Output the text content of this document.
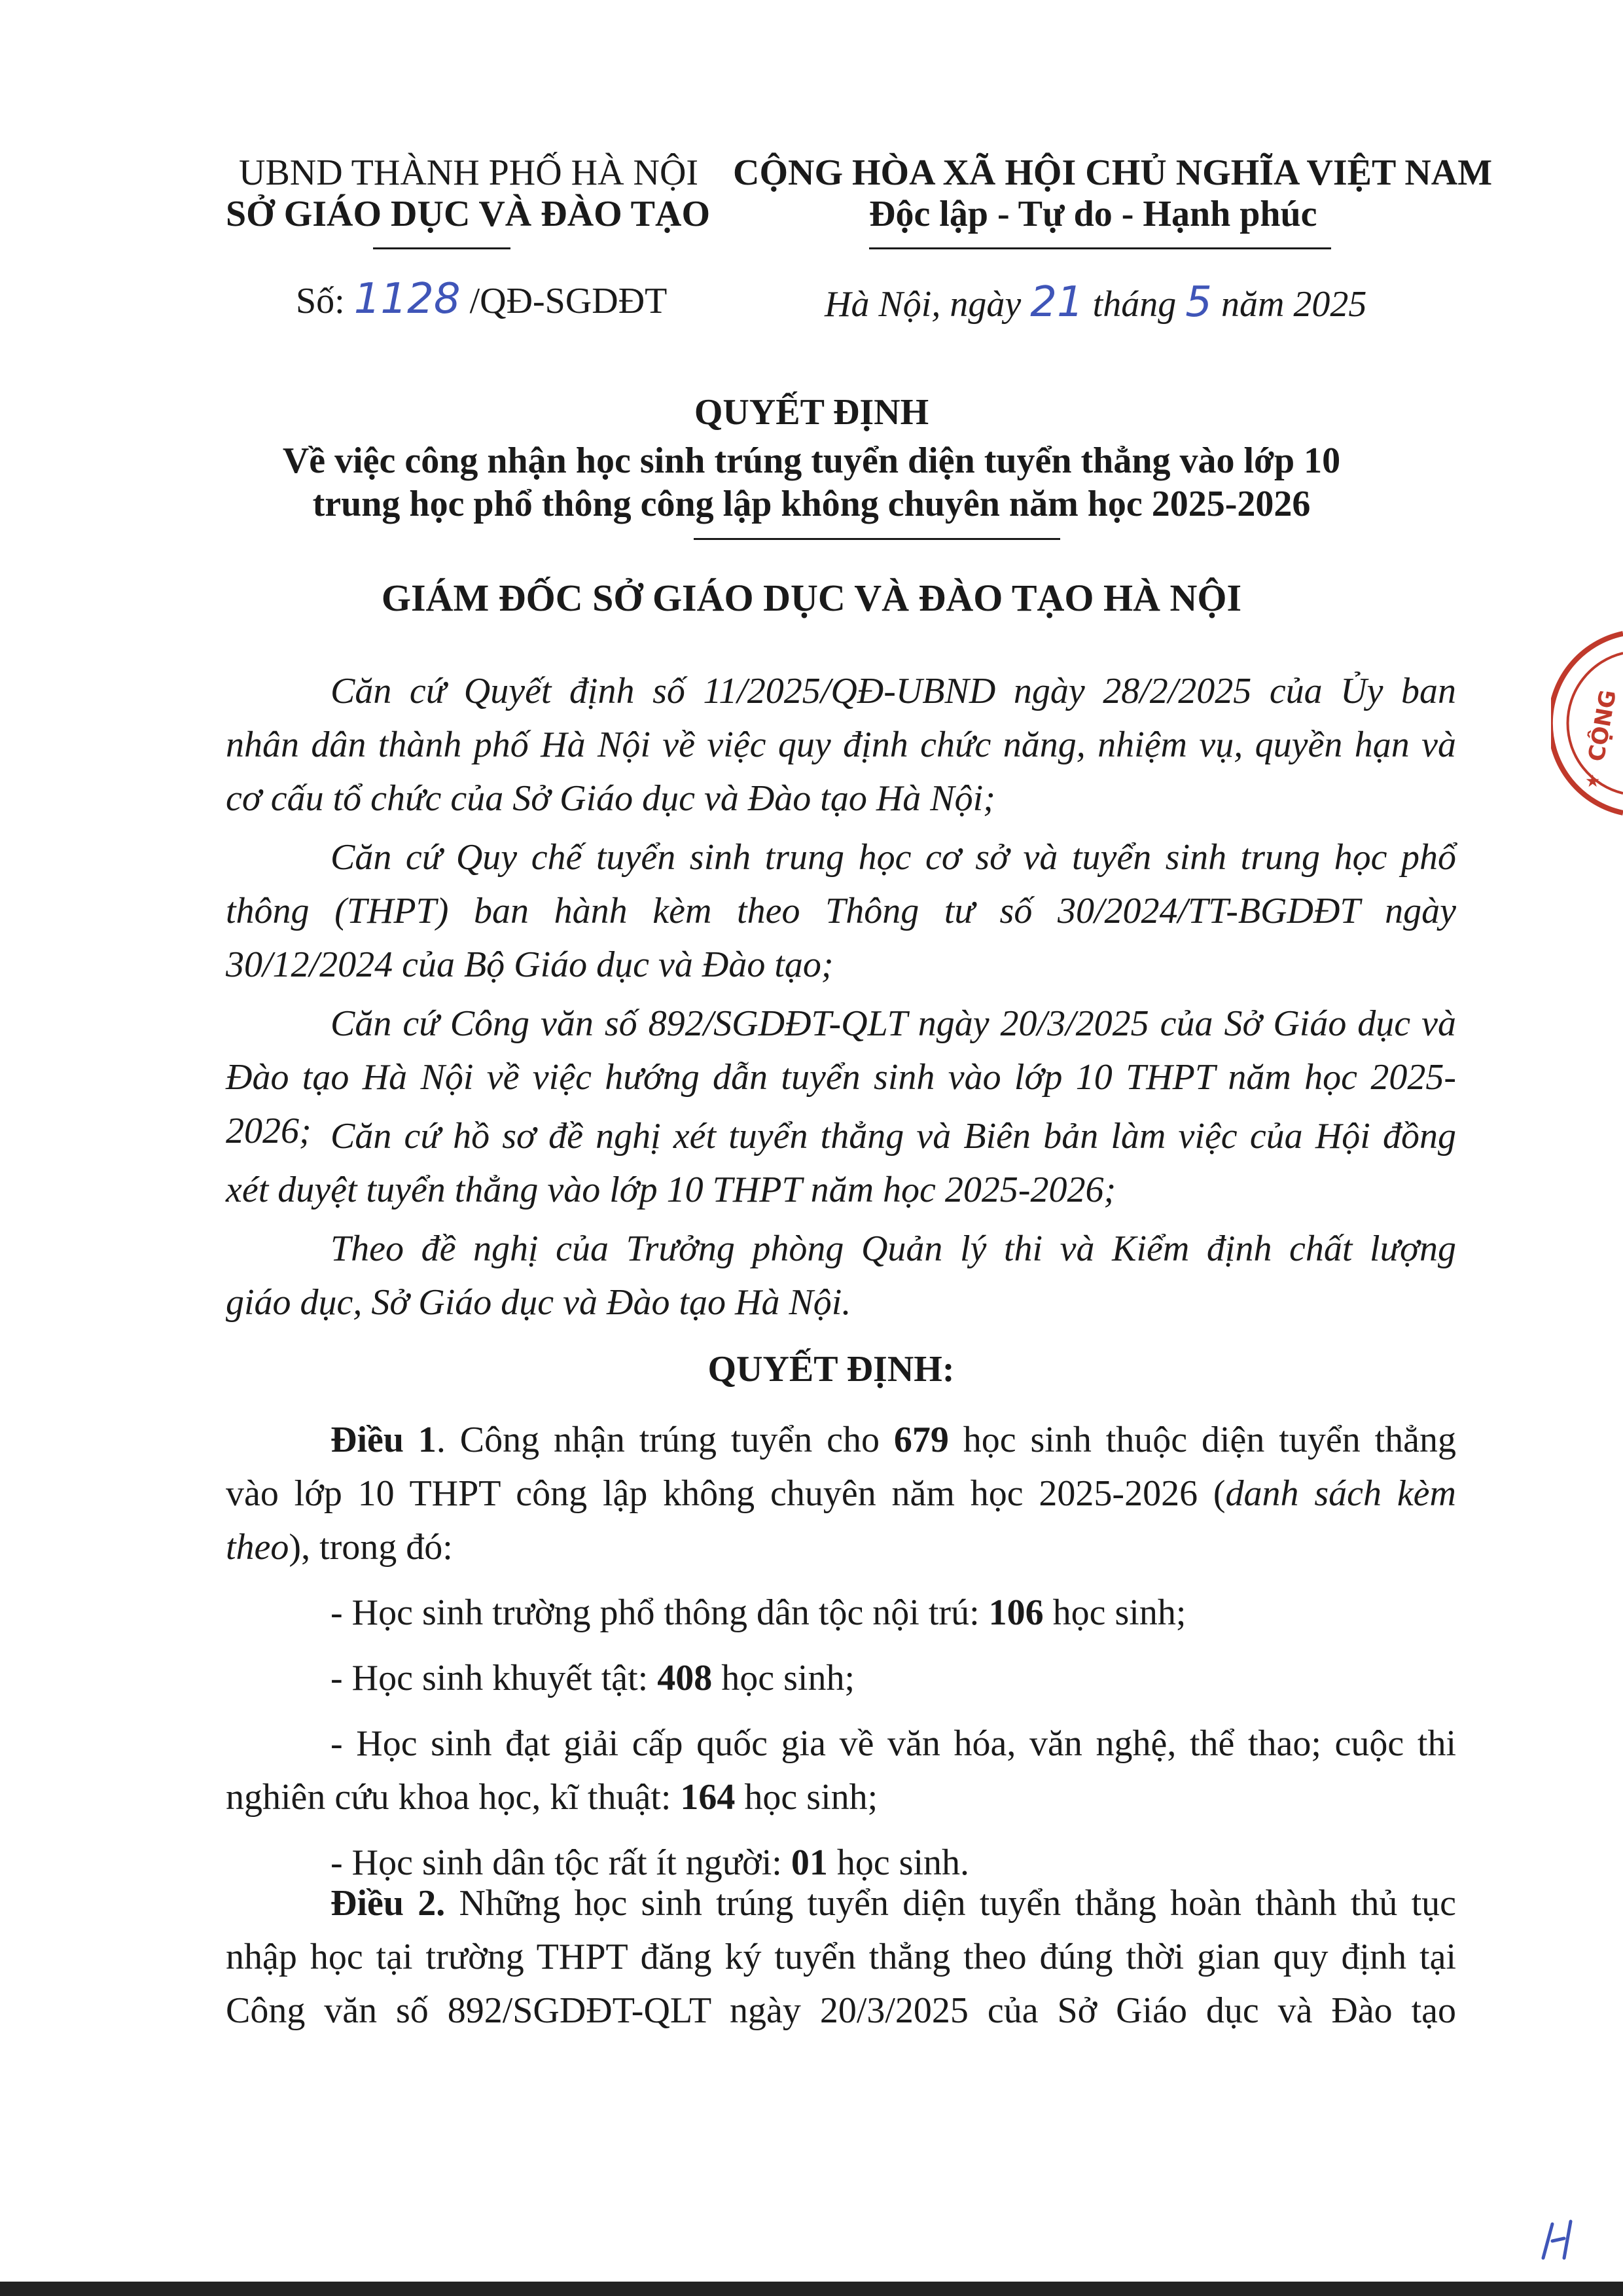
UBND THÀNH PHỐ HÀ NỘI
SỞ GIÁO DỤC VÀ ĐÀO TẠO
CỘNG HÒA XÃ HỘI CHỦ NGHĨA VIỆT NAM
Độc lập - Tự do - Hạnh phúc
Số: 1128 /QĐ-SGDĐT	Hà Nội, ngày 21 tháng 5 năm 2025
QUYẾT ĐỊNH
Về việc công nhận học sinh trúng tuyển diện tuyển thẳng vào lớp 10
trung học phổ thông công lập không chuyên năm học 2025-2026
GIÁM ĐỐC SỞ GIÁO DỤC VÀ ĐÀO TẠO HÀ NỘI
Căn cứ Quyết định số 11/2025/QĐ-UBND ngày 28/2/2025 của Ủy ban
nhân dân thành phố Hà Nội về việc quy định chức năng, nhiệm vụ, quyền hạn và
cơ cấu tổ chức của Sở Giáo dục và Đào tạo Hà Nội;
Căn cứ Quy chế tuyển sinh trung học cơ sở và tuyển sinh trung học phổ
thông (THPT) ban hành kèm theo Thông tư số 30/2024/TT-BGDĐT ngày
30/12/2024 của Bộ Giáo dục và Đào tạo;
Căn cứ Công văn số 892/SGDĐT-QLT ngày 20/3/2025 của Sở Giáo dục và
Đào tạo Hà Nội về việc hướng dẫn tuyển sinh vào lớp 10 THPT năm học 2025-2026; Căn cứ hồ sơ đề nghị xét tuyển thẳng và Biên bản làm việc của Hội đồng
xét duyệt tuyển thẳng vào lớp 10 THPT năm học 2025-2026;
Theo đề nghị của Trưởng phòng Quản lý thi và Kiểm định chất lượng
giáo dục, Sở Giáo dục và Đào tạo Hà Nội.
QUYẾT ĐỊNH:
Điều 1. Công nhận trúng tuyển cho 679 học sinh thuộc diện tuyển thẳng
vào lớp 10 THPT công lập không chuyên năm học 2025-2026 (danh sách kèm
theo), trong đó:
- Học sinh trường phổ thông dân tộc nội trú: 106 học sinh;
- Học sinh khuyết tật: 408 học sinh;
- Học sinh đạt giải cấp quốc gia về văn hóa, văn nghệ, thể thao; cuộc thi
nghiên cứu khoa học, kĩ thuật: 164 học sinh;
- Học sinh dân tộc rất ít người: 01 học sinh.
Điều 2. Những học sinh trúng tuyển diện tuyển thẳng hoàn thành thủ tục
nhập học tại trường THPT đăng ký tuyển thẳng theo đúng thời gian quy định tại
Công văn số 892/SGDĐT-QLT ngày 20/3/2025 của Sở Giáo dục và Đào tạo
CỘNG
★
